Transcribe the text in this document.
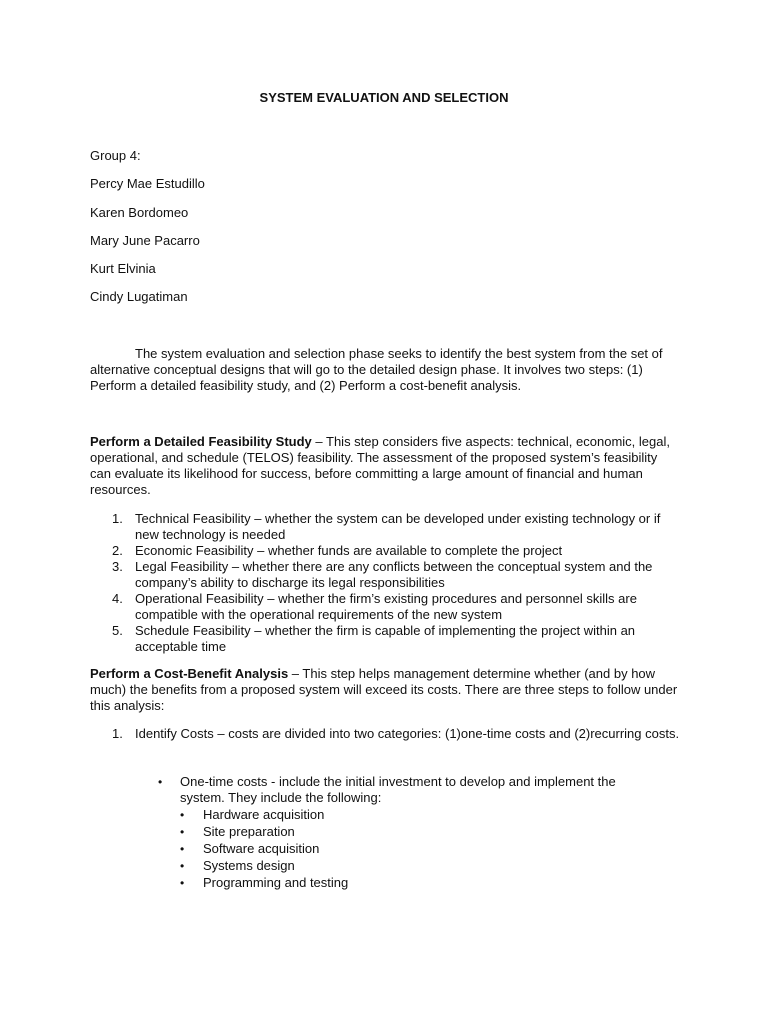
SYSTEM EVALUATION AND SELECTION

Group 4:

Percy Mae Estudillo

Karen Bordomeo

Mary June Pacarro

Kurt Elvinia

Cindy Lugatiman

The system evaluation and selection phase seeks to identify the best system from the set of alternative conceptual designs that will go to the detailed design phase. It involves two steps: (1) Perform a detailed feasibility study, and (2) Perform a cost-benefit analysis.

Perform a Detailed Feasibility Study – This step considers five aspects: technical, economic, legal, operational, and schedule (TELOS) feasibility. The assessment of the proposed system’s feasibility can evaluate its likelihood for success, before committing a large amount of financial and human resources.

1. Technical Feasibility – whether the system can be developed under existing technology or if new technology is needed
2. Economic Feasibility – whether funds are available to complete the project
3. Legal Feasibility – whether there are any conflicts between the conceptual system and the company’s ability to discharge its legal responsibilities
4. Operational Feasibility – whether the firm’s existing procedures and personnel skills are compatible with the operational requirements of the new system
5. Schedule Feasibility – whether the firm is capable of implementing the project within an acceptable time

Perform a Cost-Benefit Analysis – This step helps management determine whether (and by how much) the benefits from a proposed system will exceed its costs. There are three steps to follow under this analysis:

1. Identify Costs – costs are divided into two categories: (1)one-time costs and (2)recurring costs.
• One-time costs - include the initial investment to develop and implement the system. They include the following:
• Hardware acquisition
• Site preparation
• Software acquisition
• Systems design
• Programming and testing
